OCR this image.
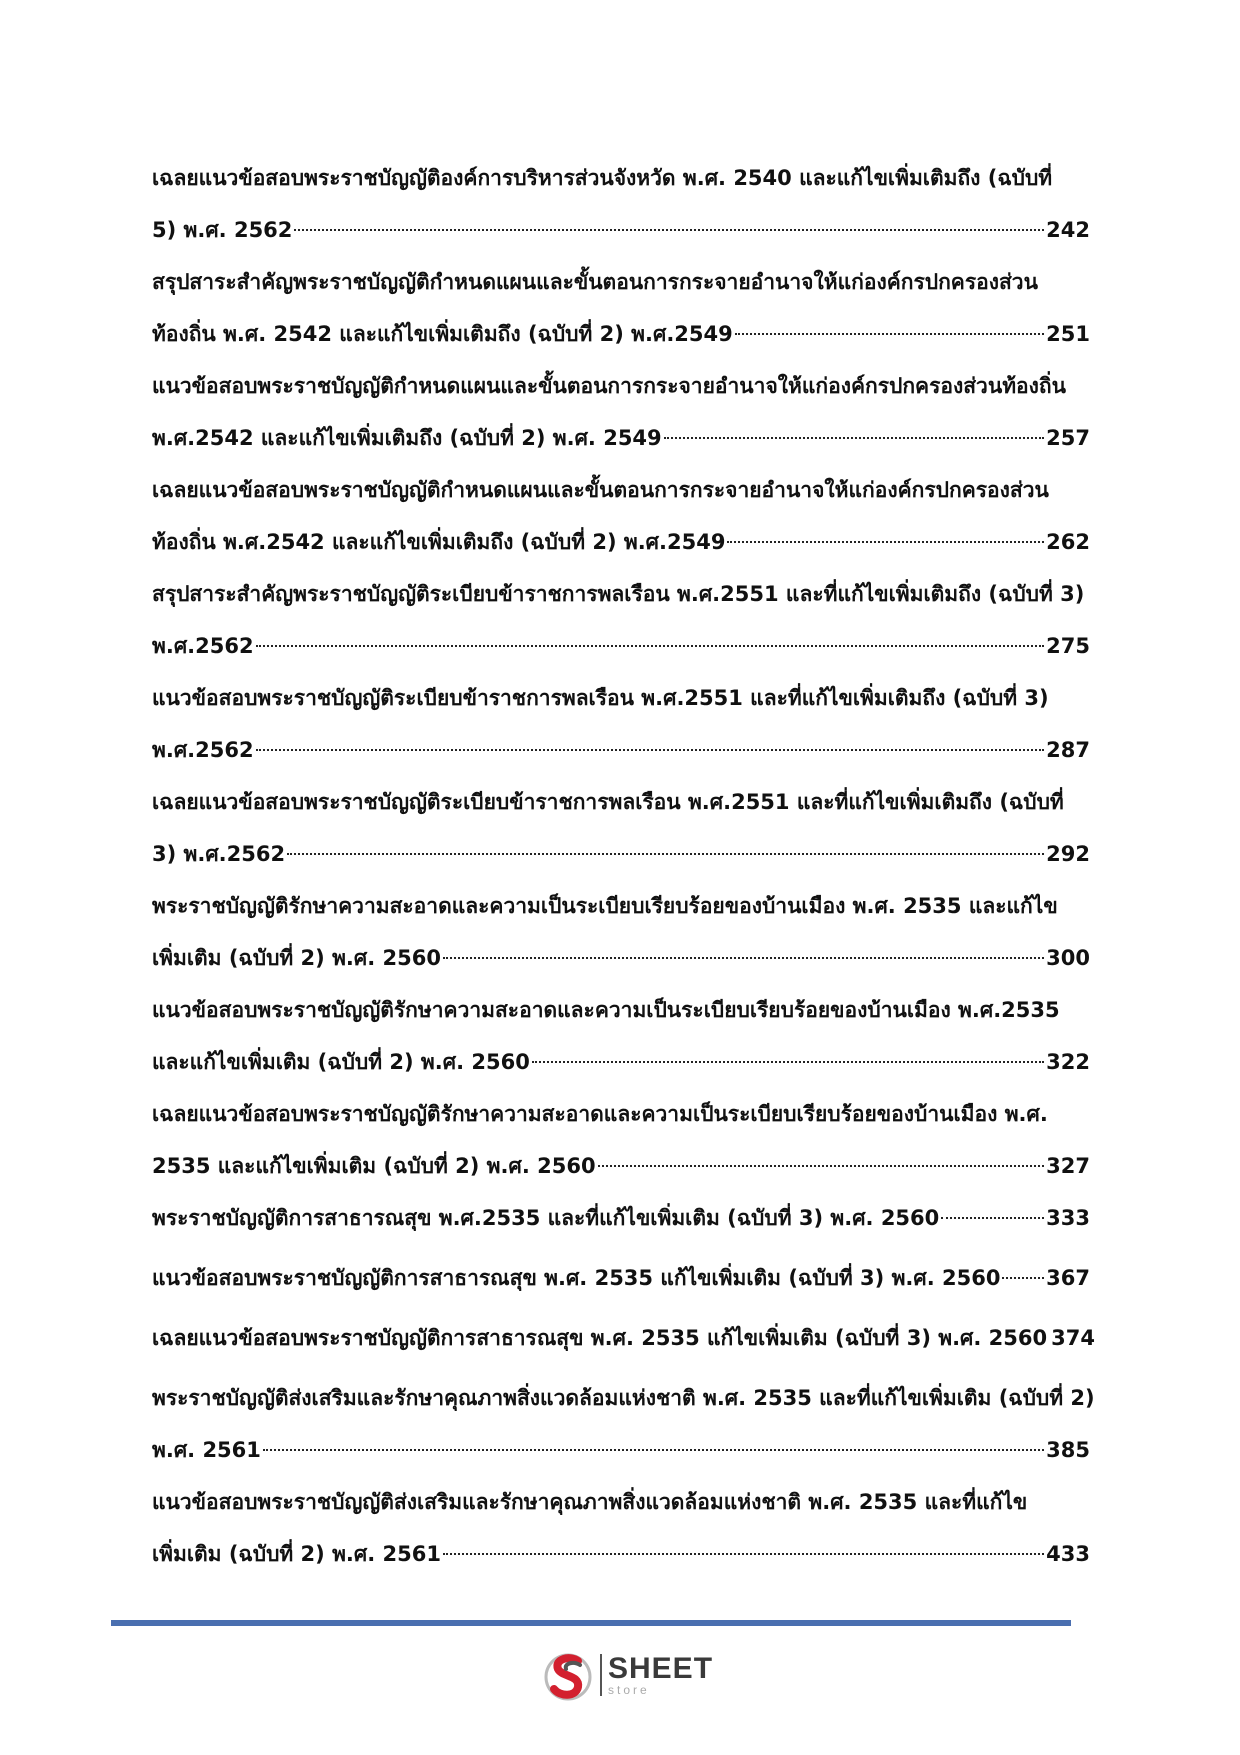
เฉลยแนวข้อสอบพระราชบัญญัติองค์การบริหารส่วนจังหวัด พ.ศ. 2540 และแก้ไขเพิ่มเติมถึง (ฉบับที่
5) พ.ศ. 2562	242
สรุปสาระสำคัญพระราชบัญญัติกำหนดแผนและขั้นตอนการกระจายอำนาจให้แก่องค์กรปกครองส่วน
ท้องถิ่น พ.ศ. 2542 และแก้ไขเพิ่มเติมถึง (ฉบับที่ 2) พ.ศ.2549	251
แนวข้อสอบพระราชบัญญัติกำหนดแผนและขั้นตอนการกระจายอำนาจให้แก่องค์กรปกครองส่วนท้องถิ่น
พ.ศ.2542 และแก้ไขเพิ่มเติมถึง (ฉบับที่ 2) พ.ศ. 2549	257
เฉลยแนวข้อสอบพระราชบัญญัติกำหนดแผนและขั้นตอนการกระจายอำนาจให้แก่องค์กรปกครองส่วน
ท้องถิ่น พ.ศ.2542 และแก้ไขเพิ่มเติมถึง (ฉบับที่ 2) พ.ศ.2549	262
สรุปสาระสำคัญพระราชบัญญัติระเบียบข้าราชการพลเรือน พ.ศ.2551 และที่แก้ไขเพิ่มเติมถึง (ฉบับที่ 3)
พ.ศ.2562	275
แนวข้อสอบพระราชบัญญัติระเบียบข้าราชการพลเรือน พ.ศ.2551 และที่แก้ไขเพิ่มเติมถึง (ฉบับที่ 3)
พ.ศ.2562	287
เฉลยแนวข้อสอบพระราชบัญญัติระเบียบข้าราชการพลเรือน พ.ศ.2551 และที่แก้ไขเพิ่มเติมถึง (ฉบับที่
3) พ.ศ.2562	292
พระราชบัญญัติรักษาความสะอาดและความเป็นระเบียบเรียบร้อยของบ้านเมือง พ.ศ. 2535 และแก้ไข
เพิ่มเติม (ฉบับที่ 2) พ.ศ. 2560	300
แนวข้อสอบพระราชบัญญัติรักษาความสะอาดและความเป็นระเบียบเรียบร้อยของบ้านเมือง พ.ศ.2535
และแก้ไขเพิ่มเติม (ฉบับที่ 2) พ.ศ. 2560	322
เฉลยแนวข้อสอบพระราชบัญญัติรักษาความสะอาดและความเป็นระเบียบเรียบร้อยของบ้านเมือง พ.ศ.
2535 และแก้ไขเพิ่มเติม (ฉบับที่ 2) พ.ศ. 2560	327
พระราชบัญญัติการสาธารณสุข พ.ศ.2535 และที่แก้ไขเพิ่มเติม (ฉบับที่ 3) พ.ศ. 2560	333
แนวข้อสอบพระราชบัญญัติการสาธารณสุข พ.ศ. 2535 แก้ไขเพิ่มเติม (ฉบับที่ 3) พ.ศ. 2560 367
เฉลยแนวข้อสอบพระราชบัญญัติการสาธารณสุข พ.ศ. 2535 แก้ไขเพิ่มเติม (ฉบับที่ 3) พ.ศ. 2560 374
พระราชบัญญัติส่งเสริมและรักษาคุณภาพสิ่งแวดล้อมแห่งชาติ พ.ศ. 2535 และที่แก้ไขเพิ่มเติม (ฉบับที่ 2)
พ.ศ. 2561	385
แนวข้อสอบพระราชบัญญัติส่งเสริมและรักษาคุณภาพสิ่งแวดล้อมแห่งชาติ พ.ศ. 2535 และที่แก้ไข
เพิ่มเติม (ฉบับที่ 2) พ.ศ. 2561	433
SHEET
store
